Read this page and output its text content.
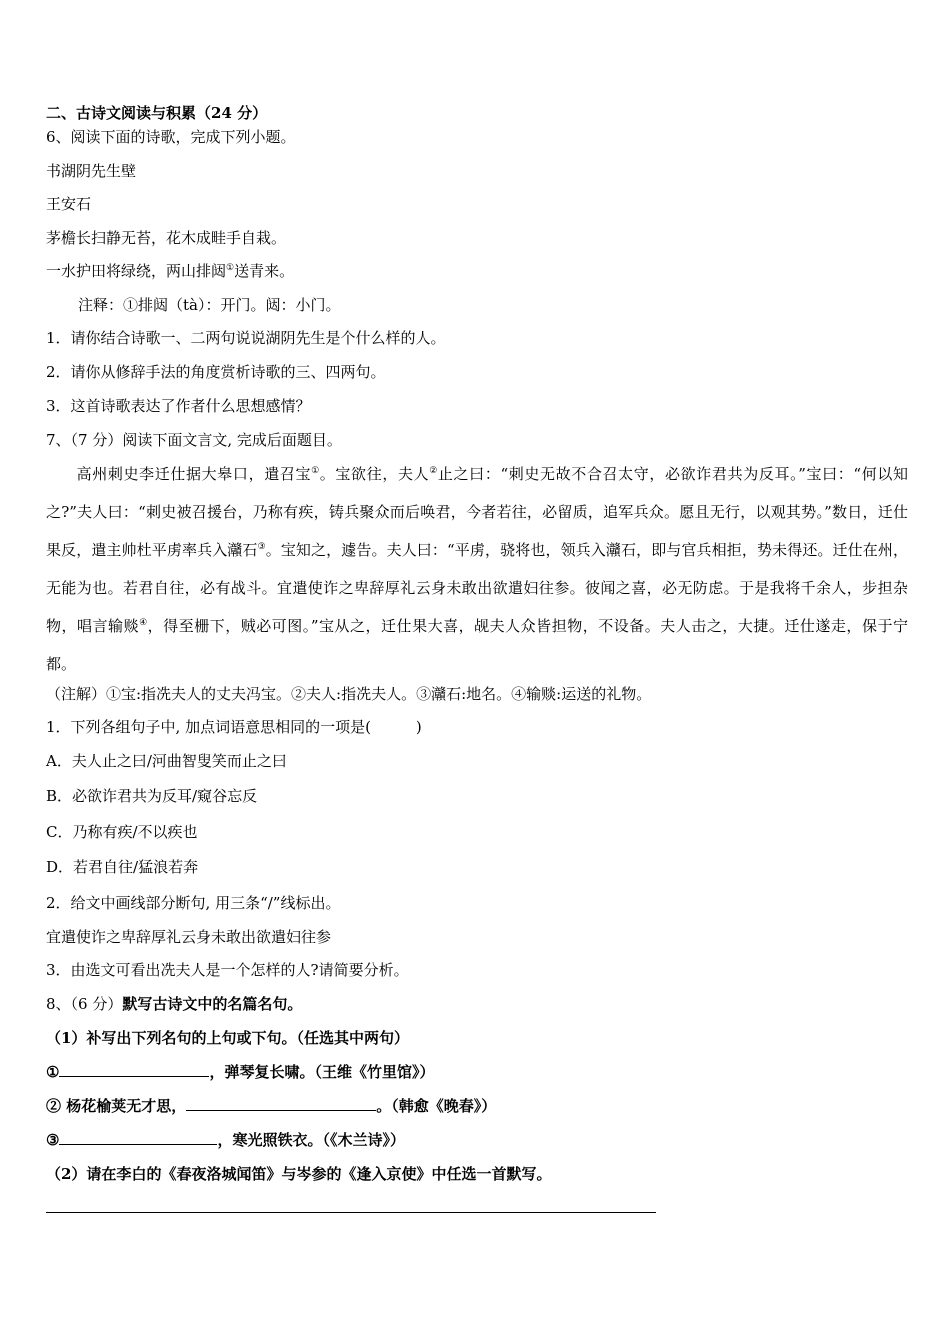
二、古诗文阅读与积累（24 分）
6、阅读下面的诗歌，完成下列小题。
书湖阴先生壁
王安石
茅檐长扫静无苔，花木成畦手自栽。
一水护田将绿绕，两山排闼①送青来。
注释：①排闼（tà）：开门。闼：小门。
1．请你结合诗歌一、二两句说说湖阴先生是个什么样的人。
2．请你从修辞手法的角度赏析诗歌的三、四两句。
3．这首诗歌表达了作者什么思想感情？
7、（7 分）阅读下面文言文, 完成后面题目。
高州刺史李迁仕据大皋口，遣召宝①。宝欲往，夫人②止之曰：“刺史无故不合召太守，必欲诈君共为反耳。”宝曰：“何以知之?”夫人曰：“刺史被召援台，乃称有疾，铸兵聚众而后唤君，今者若往，必留质，追军兵众。愿且无行，以观其势。”数日，迁仕果反，遣主帅杜平虏率兵入灨石③。宝知之，遽告。夫人曰：“平虏，骁将也，领兵入灨石，即与官兵相拒，势未得还。迁仕在州，无能为也。若君自往，必有战斗。宜遣使诈之卑辞厚礼云身未敢出欲遣妇往参。彼闻之喜，必无防虑。于是我将千余人，步担杂物，唱言输赕④，得至栅下，贼必可图。”宝从之，迁仕果大喜，觇夫人众皆担物，不设备。夫人击之，大捷。迁仕遂走，保于宁都。
（注解）①宝:指冼夫人的丈夫冯宝。②夫人:指冼夫人。③灨石:地名。④输赕:运送的礼物。
1．下列各组句子中, 加点词语意思相同的一项是(　　　)
A．夫人止之曰/河曲智叟笑而止之曰
B．必欲诈君共为反耳/窥谷忘反
C．乃称有疾/不以疾也
D．若君自往/猛浪若奔
2．给文中画线部分断句, 用三条“/”线标出。
宜遣使诈之卑辞厚礼云身未敢出欲遣妇往参
3．由选文可看出冼夫人是一个怎样的人?请简要分析。
8、（6 分）默写古诗文中的名篇名句。
（1）补写出下列名句的上句或下句。（任选其中两句）
①	，弹琴复长啸。（王维《竹里馆》）
② 杨花榆荚无才思，	。（韩愈《晚春》）
③	，寒光照铁衣。（《木兰诗》）
（2）请在李白的《春夜洛城闻笛》与岑参的《逢入京使》中任选一首默写。
